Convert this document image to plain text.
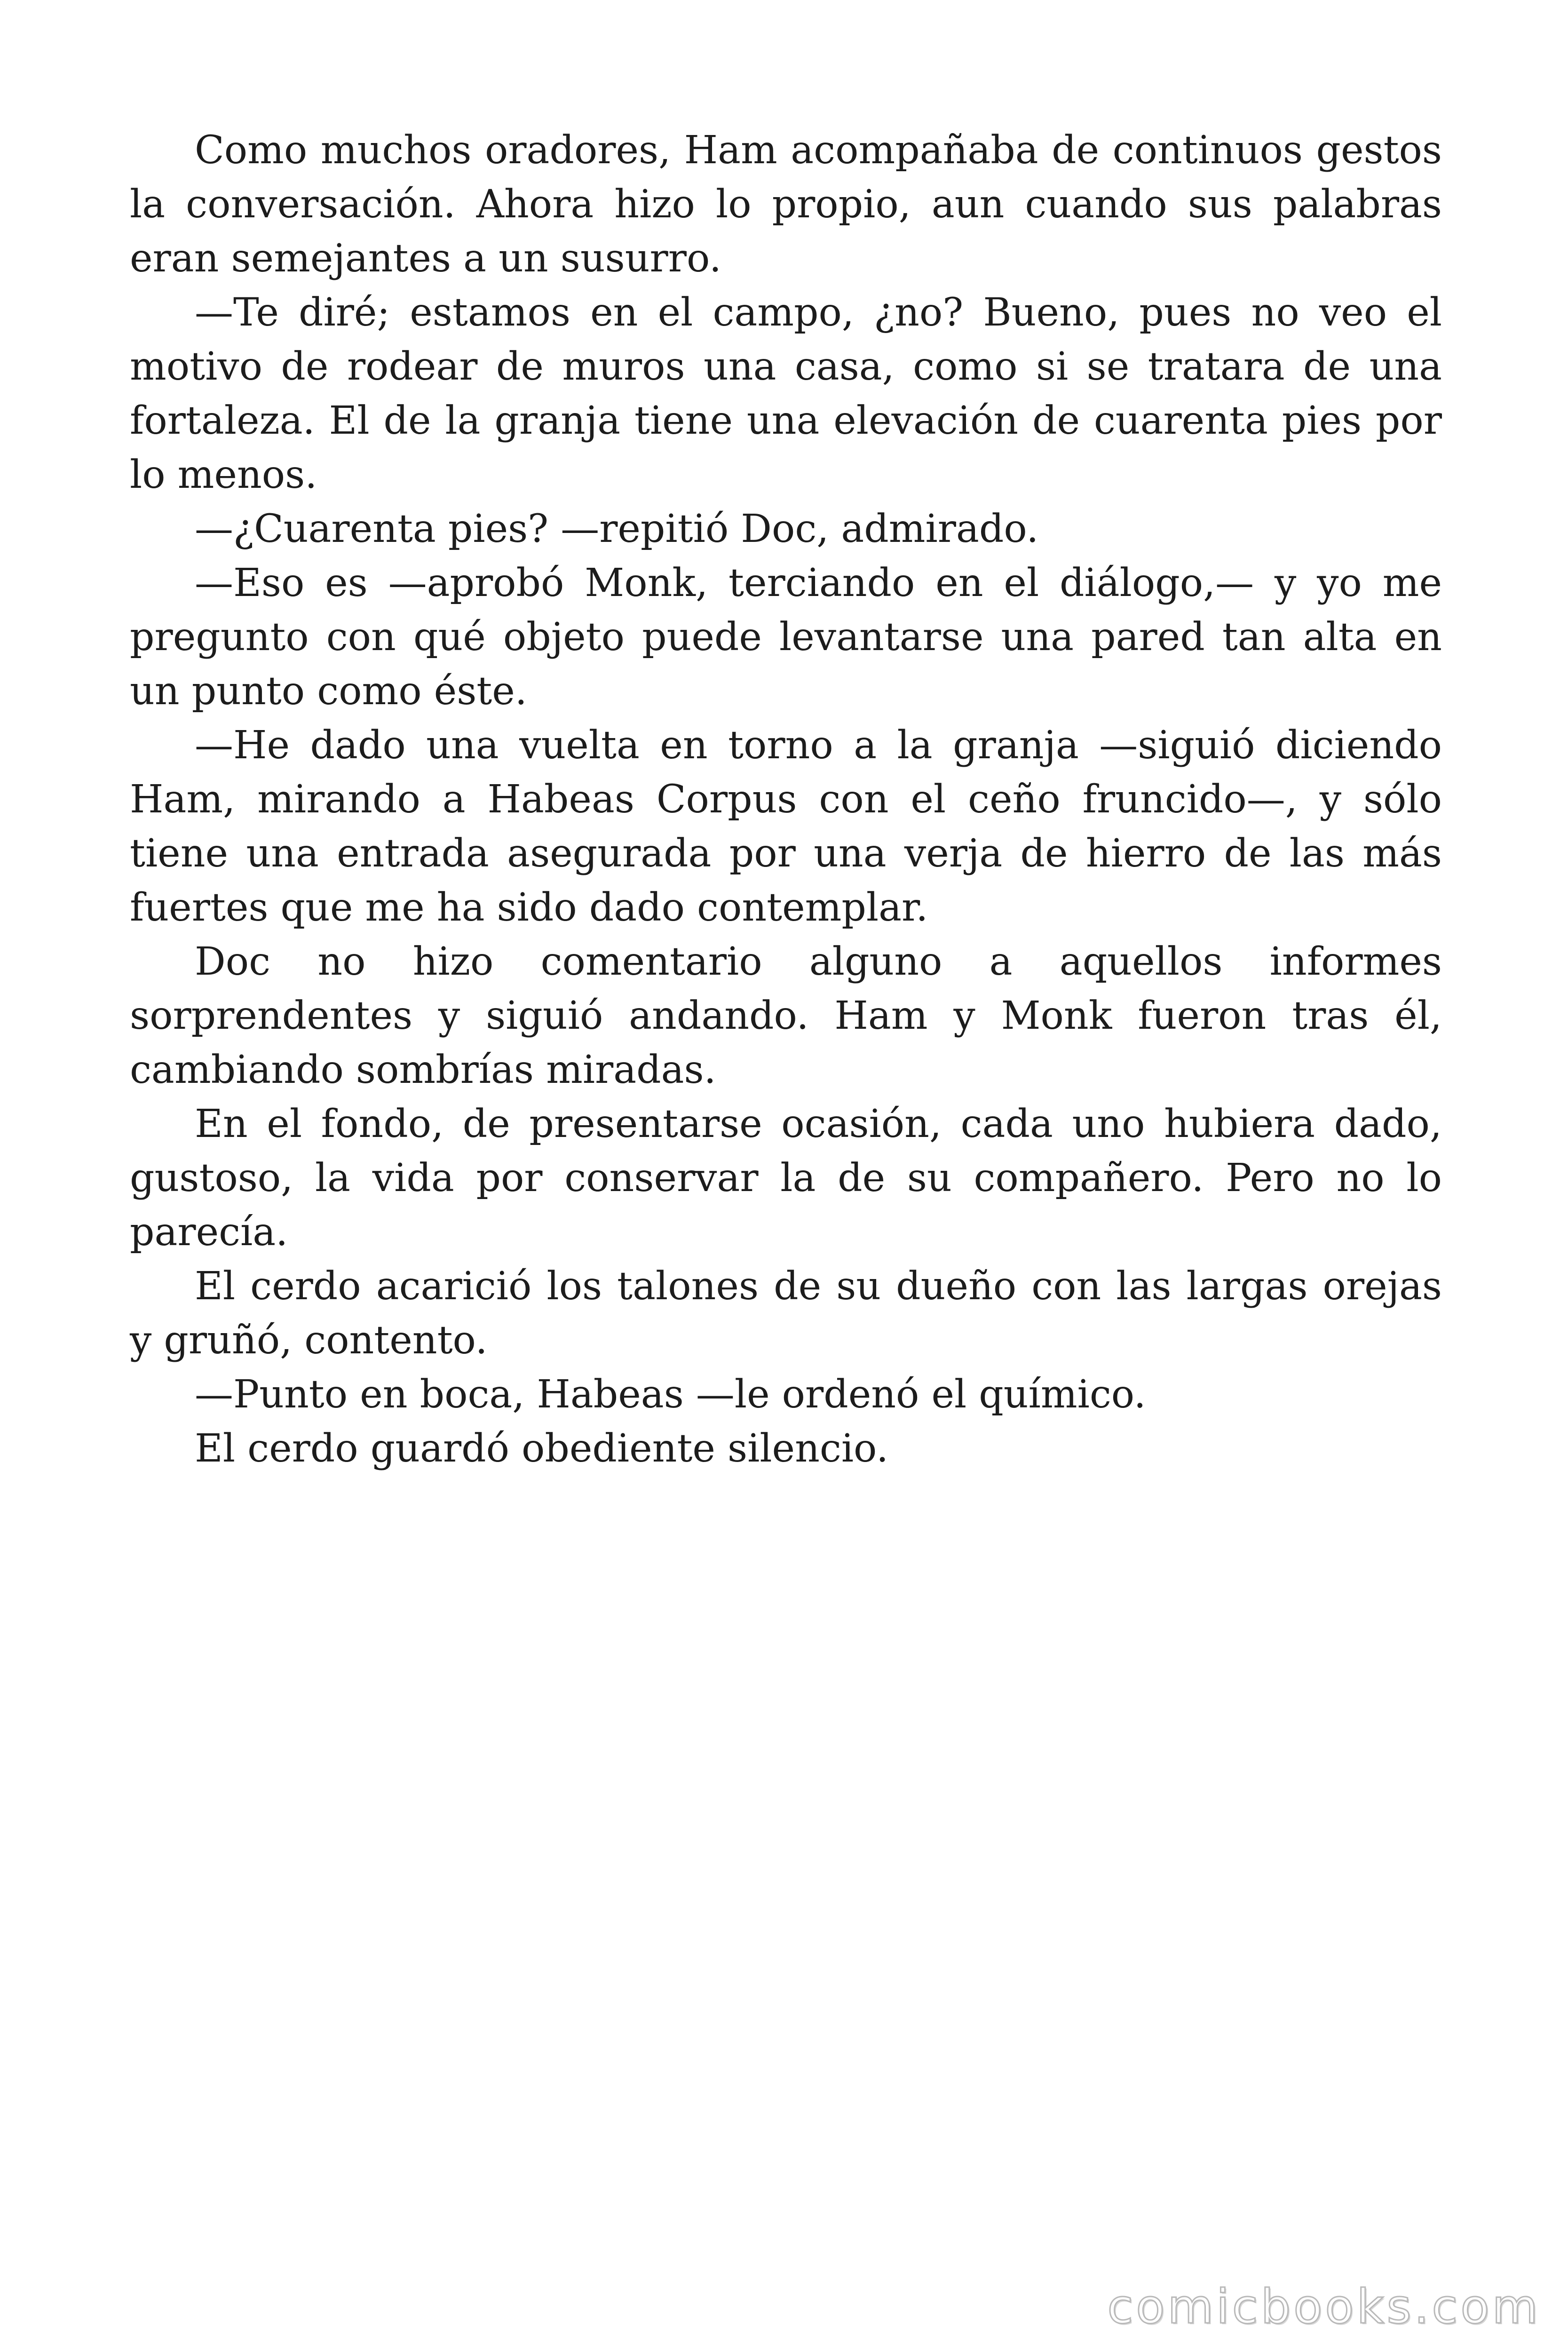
Como muchos oradores, Ham acompañaba de continuos gestos la conversación. Ahora hizo lo propio, aun cuando sus palabras eran semejantes a un susurro.

—Te diré; estamos en el campo, ¿no? Bueno, pues no veo el motivo de rodear de muros una casa, como si se tratara de una fortaleza. El de la granja tiene una elevación de cuarenta pies por lo menos.

—¿Cuarenta pies? —repitió Doc, admirado.

—Eso es —aprobó Monk, terciando en el diálogo,— y yo me pregunto con qué objeto puede levantarse una pared tan alta en un punto como éste.

—He dado una vuelta en torno a la granja —siguió diciendo Ham, mirando a Habeas Corpus con el ceño fruncido—, y sólo tiene una entrada asegurada por una verja de hierro de las más fuertes que me ha sido dado contemplar.

Doc no hizo comentario alguno a aquellos informes sorprendentes y siguió andando. Ham y Monk fueron tras él, cambiando sombrías miradas.

En el fondo, de presentarse ocasión, cada uno hubiera dado, gustoso, la vida por conservar la de su compañero. Pero no lo parecía.

El cerdo acarició los talones de su dueño con las largas orejas y gruñó, contento.

—Punto en boca, Habeas —le ordenó el químico.

El cerdo guardó obediente silencio.

comicbooks.com
